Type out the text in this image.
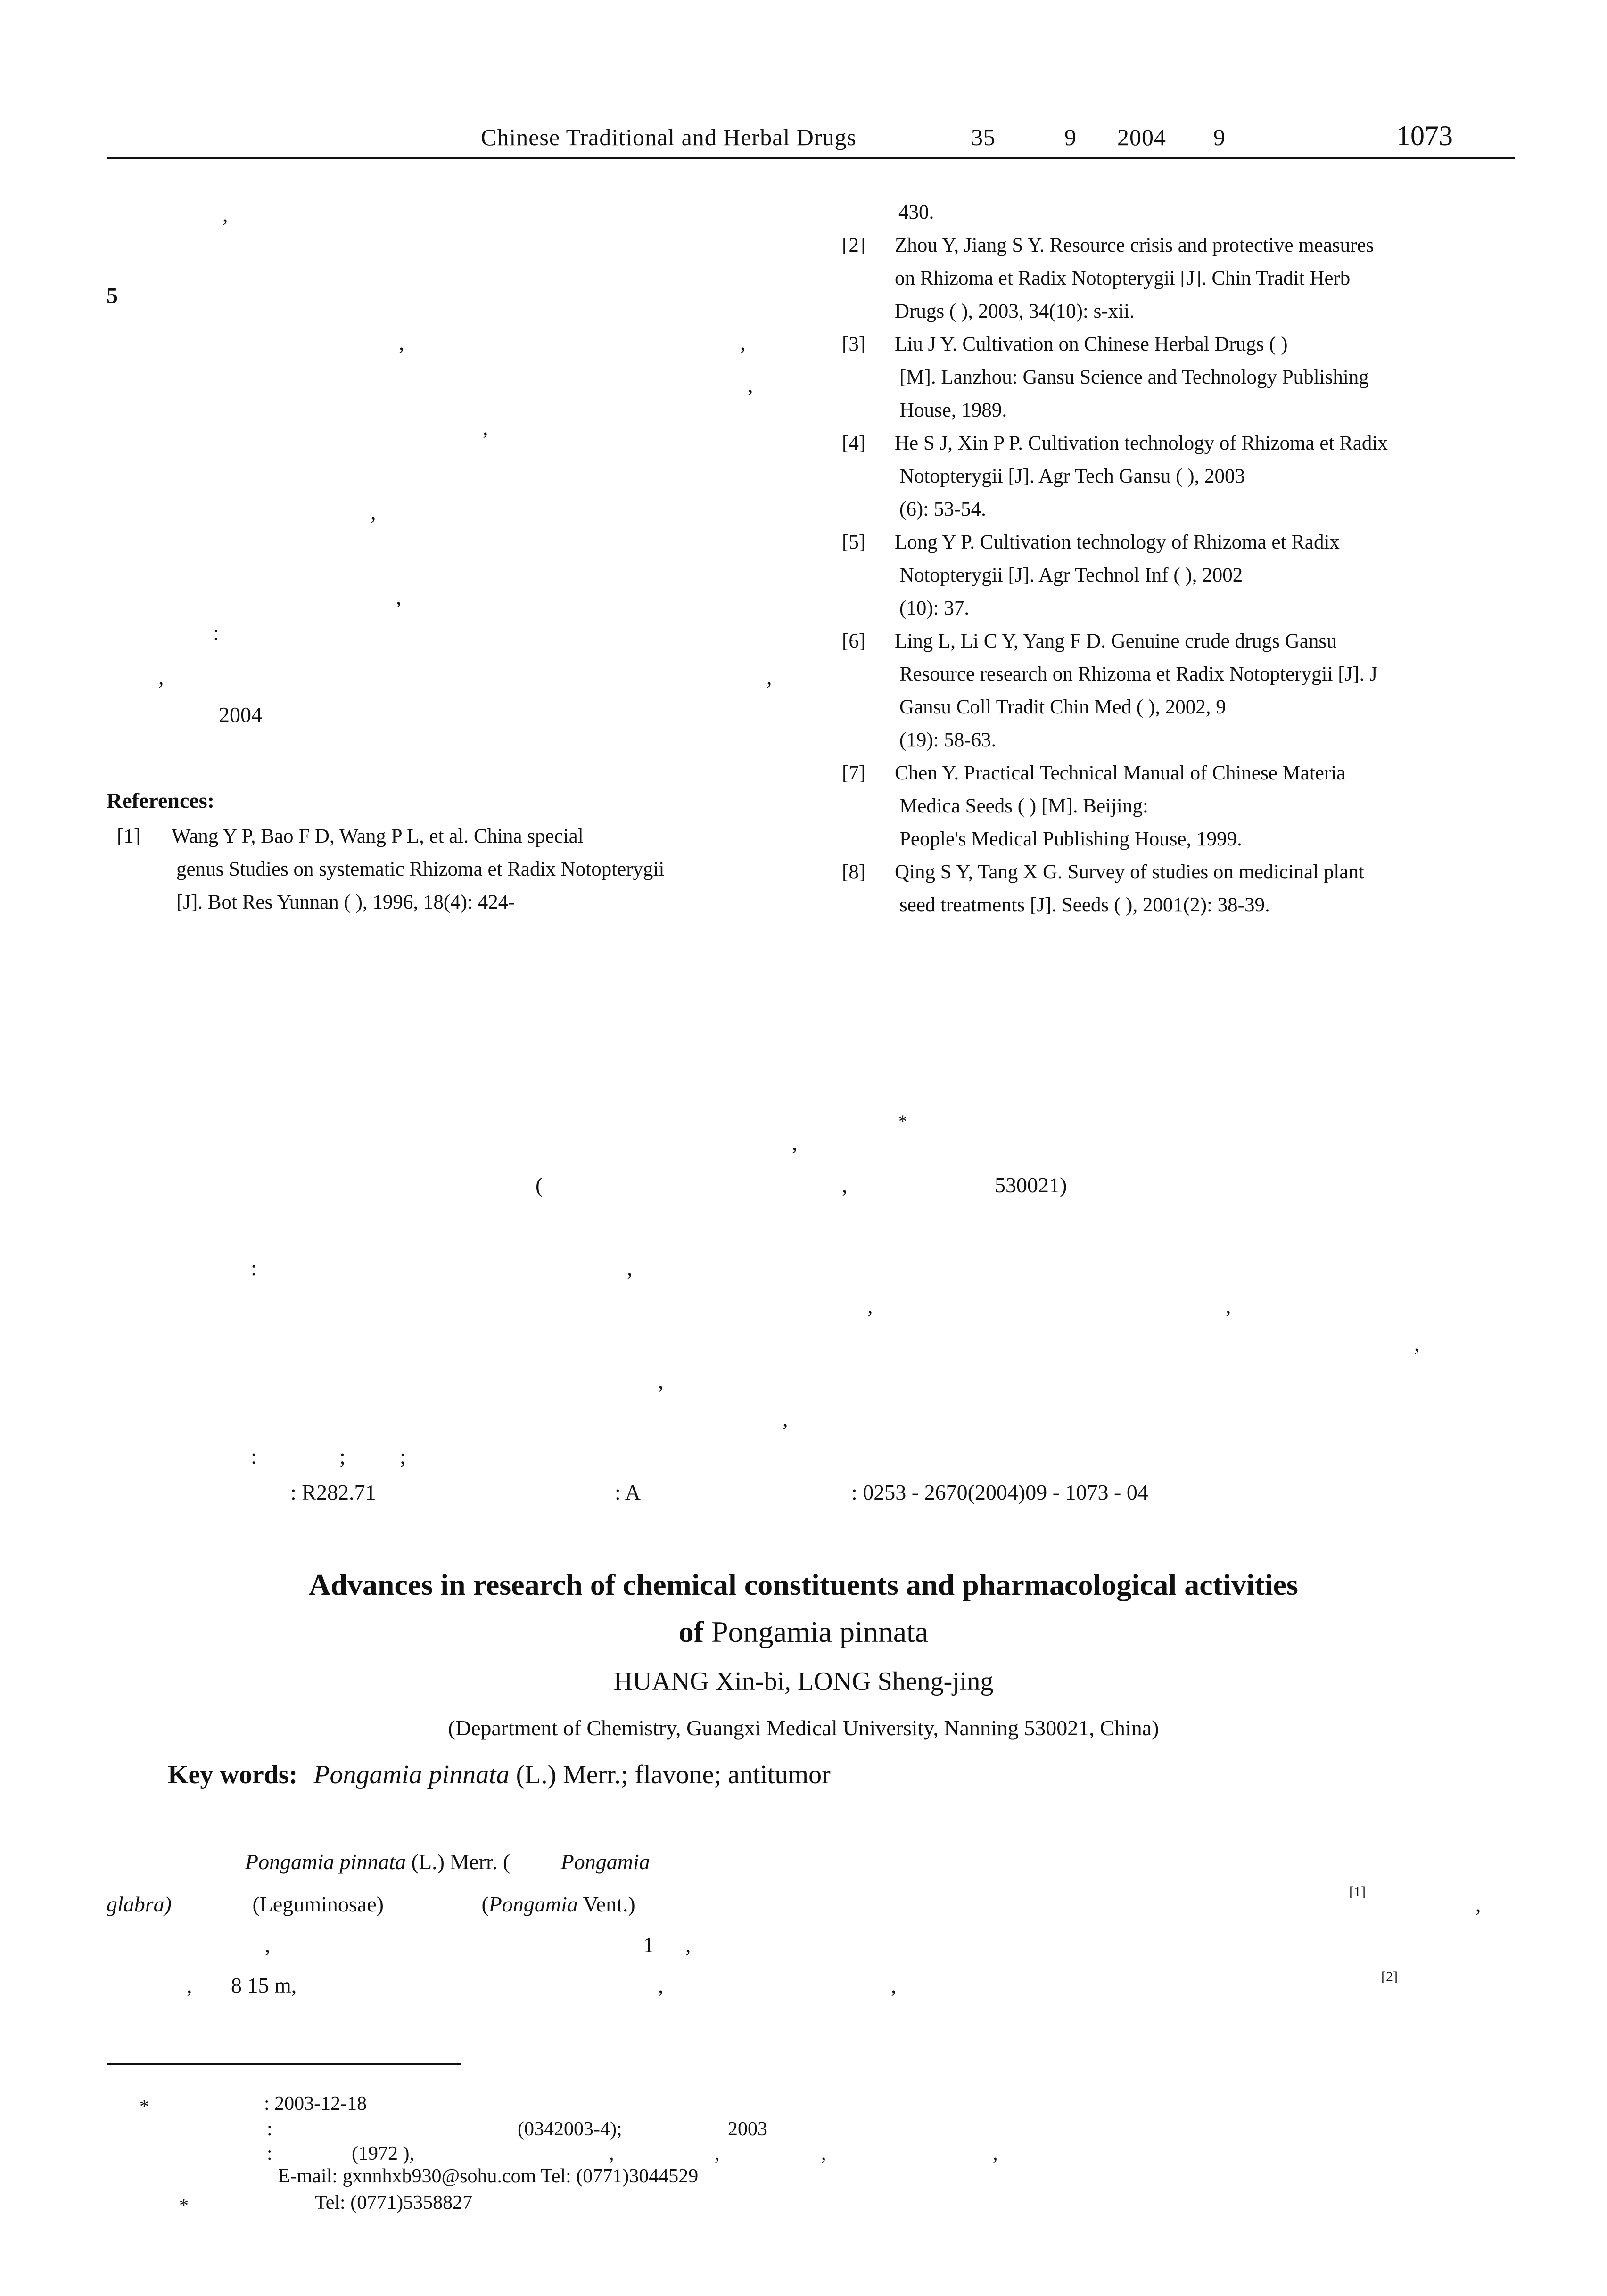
Chinese Traditional and Herbal Drugs	35	9 2004 9	1073
,
5
,	,
,
,
,
,
:
,	,
2004
References:
[1] Wang Y P, Bao F D, Wang P L, et al. China special
genus Studies on systematic Rhizoma et Radix Notopterygii
[J]. Bot Res Yunnan ( ), 1996, 18(4): 424-
430.
[2] Zhou Y, Jiang S Y. Resource crisis and protective measures
on Rhizoma et Radix Notopterygii [J]. Chin Tradit Herb
Drugs ( ), 2003, 34(10): s-xii.
[3] Liu J Y. Cultivation on Chinese Herbal Drugs ( )
[M]. Lanzhou: Gansu Science and Technology Publishing
House, 1989.
[4] He S J, Xin P P. Cultivation technology of Rhizoma et Radix
Notopterygii [J]. Agr Tech Gansu ( ), 2003
(6): 53-54.
[5] Long Y P. Cultivation technology of Rhizoma et Radix
Notopterygii [J]. Agr Technol Inf ( ), 2002
(10): 37.
[6] Ling L, Li C Y, Yang F D. Genuine crude drugs Gansu
Resource research on Rhizoma et Radix Notopterygii [J]. J
Gansu Coll Tradit Chin Med ( ), 2002, 9
(19): 58-63.
[7] Chen Y. Practical Technical Manual of Chinese Materia
Medica Seeds ( ) [M]. Beijing:
People's Medical Publishing House, 1999.
[8] Qing S Y, Tang X G. Survey of studies on medicinal plant
seed treatments [J]. Seeds ( ), 2001(2): 38-39.
*
,
(	,	530021)
:	,
,	,
,
,
,
:	;	;
: R282.71	: A	: 0253 - 2670(2004)09 - 1073 - 04
Advances in research of chemical constituents and pharmacological activities
of Pongamia pinnata
HUANG Xin-bi, LONG Sheng-jing
(Department of Chemistry, Guangxi Medical University, Nanning 530021, China)
Key words: Pongamia pinnata (L.) Merr.; flavone; antitumor
Pongamia pinnata (L.) Merr. ( Pongamia
glabra)	(Leguminosae)	(Pongamia Vent.)
[1]
,
,	1 ,
, 8 15 m,	,	,	[2]
*	: 2003-12-18
:	(0342003-4);	2003
:	(1972 ),	,	,	,	,
E-mail: gxnnhxb930@sohu.com Tel: (0771)3044529
*	Tel: (0771)5358827
